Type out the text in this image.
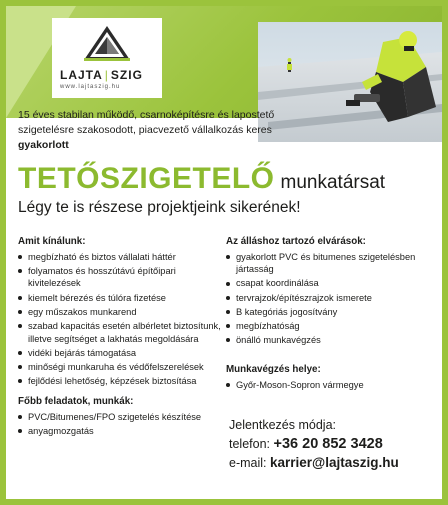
LAJTA | SZIG
www.lajtaszig.hu
15 éves stabilan működő, csarnoképítésre és lapostető szigetelésre szakosodott, piacvezető vállalkozás keres gyakorlott
TETŐSZIGETELŐ munkatársat
Légy te is részese projektjeink sikerének!
Amit kínálunk:
megbízható és biztos vállalati háttér
folyamatos és hosszútávú építőipari kivitelezések
kiemelt bérezés és túlóra fizetése
egy műszakos munkarend
szabad kapacitás esetén albérletet biztosítunk, illetve segítséget a lakhatás megoldására
vidéki bejárás támogatása
minőségi munkaruha és védőfelszerelések
fejlődési lehetőség, képzések biztosítása
Főbb feladatok, munkák:
PVC/Bitumenes/FPO szigetelés készítése
anyagmozgatás
Az álláshoz tartozó elvárások:
gyakorlott PVC és bitumenes szigetelésben jártasság
csapat koordinálása
tervrajzok/építészrajzok ismerete
B kategóriás jogosítvány
megbízhatóság
önálló munkavégzés
Munkavégzés helye:
Győr-Moson-Sopron vármegye
Jelentkezés módja:
telefon: +36 20 852 3428
e-mail: karrier@lajtaszig.hu
